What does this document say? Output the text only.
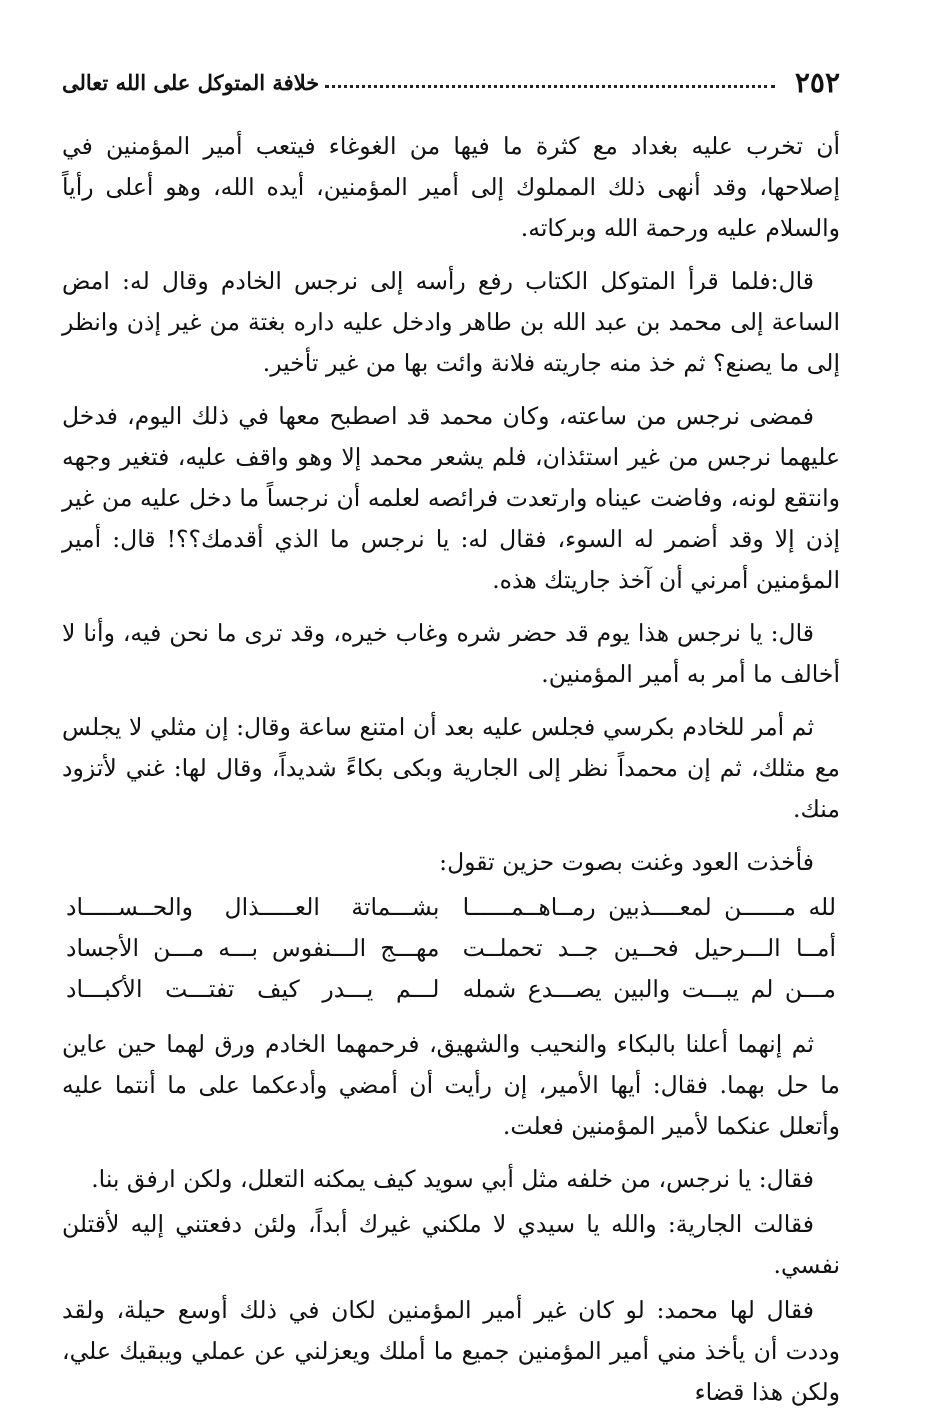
٢٥٢
خلافة المتوكل على الله تعالى

أن تخرب عليه بغداد مع كثرة ما فيها من الغوغاء فيتعب أمير المؤمنين في إصلاحها، وقد أنهى ذلك المملوك إلى أمير المؤمنين، أيده الله، وهو أعلى رأياً والسلام عليه ورحمة الله وبركاته.

قال:فلما قرأ المتوكل الكتاب رفع رأسه إلى نرجس الخادم وقال له: امض الساعة إلى محمد بن عبد الله بن طاهر وادخل عليه داره بغتة من غير إذن وانظر إلى ما يصنع؟ ثم خذ منه جاريته فلانة وائت بها من غير تأخير.

فمضى نرجس من ساعته، وكان محمد قد اصطبح معها في ذلك اليوم، فدخل عليهما نرجس من غير استئذان، فلم يشعر محمد إلا وهو واقف عليه، فتغير وجهه وانتقع لونه، وفاضت عيناه وارتعدت فرائصه لعلمه أن نرجساً ما دخل عليه من غير إذن إلا وقد أضمر له السوء، فقال له: يا نرجس ما الذي أقدمك؟؟! قال: أمير المؤمنين أمرني أن آخذ جاريتك هذه.

قال: يا نرجس هذا يوم قد حضر شره وغاب خيره، وقد ترى ما نحن فيه، وأنا لا أخالف ما أمر به أمير المؤمنين.

ثم أمر للخادم بكرسي فجلس عليه بعد أن امتنع ساعة وقال: إن مثلي لا يجلس مع مثلك، ثم إن محمداً نظر إلى الجارية وبكى بكاءً شديداً، وقال لها: غني لأتزود منك.

فأخذت العود وغنت بصوت حزين تقول:

لله مــــــن لمعــــذبين رمــاهــمــــــا
بشـــماتة العـــــذال والحــســـــاد
أمــا الـــرحيل فحــين جــد تحملــت
مهـــج الـــنفوس بـــه مـــن الأجساد
مـــن لم يبـــت والبين يصـــدع شمله
لـــم يـــدر كيف تفتـــت الأكبـــاد

ثم إنهما أعلنا بالبكاء والنحيب والشهيق، فرحمهما الخادم ورق لهما حين عاين ما حل بهما. فقال: أيها الأمير، إن رأيت أن أمضي وأدعكما على ما أنتما عليه وأتعلل عنكما لأمير المؤمنين فعلت.

فقال: يا نرجس، من خلفه مثل أبي سويد كيف يمكنه التعلل، ولكن ارفق بنا.

فقالت الجارية: والله يا سيدي لا ملكني غيرك أبداً، ولئن دفعتني إليه لأقتلن نفسي.

فقال لها محمد: لو كان غير أمير المؤمنين لكان في ذلك أوسع حيلة، ولقد وددت أن يأخذ مني أمير المؤمنين جميع ما أملك ويعزلني عن عملي ويبقيك علي، ولكن هذا قضاء
